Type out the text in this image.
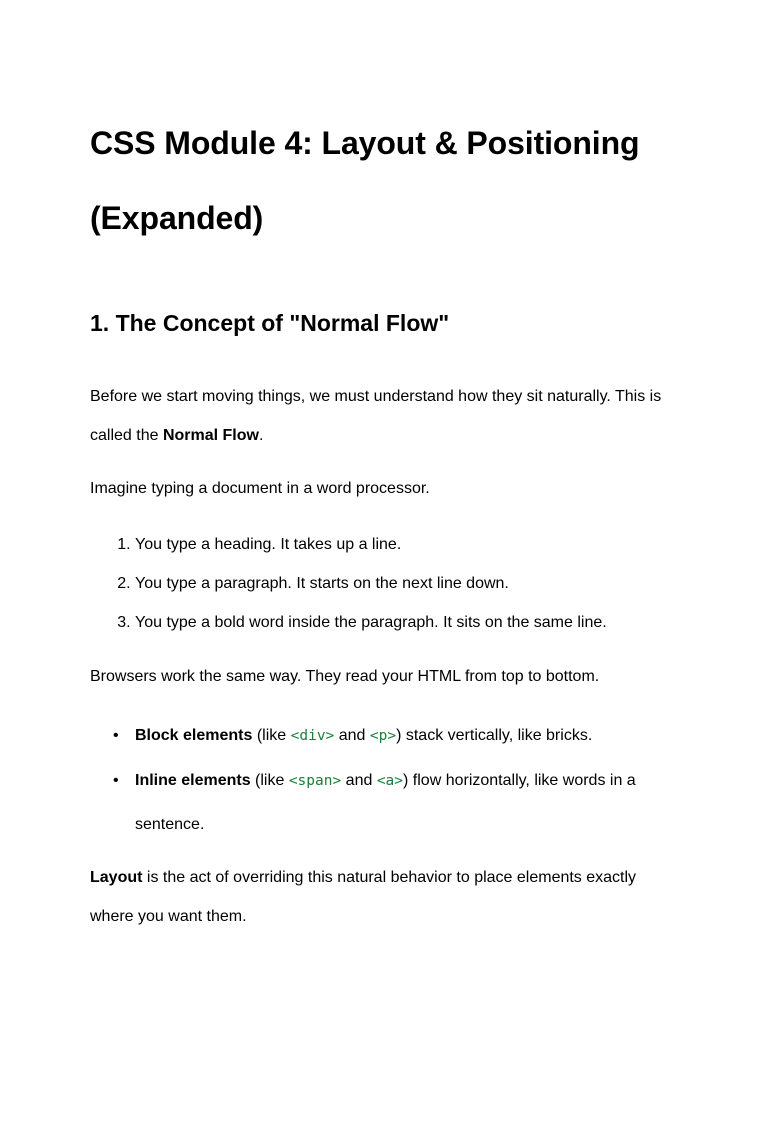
CSS Module 4: Layout & Positioning (Expanded)
1. The Concept of "Normal Flow"

Before we start moving things, we must understand how they sit naturally. This is called the Normal Flow.

Imagine typing a document in a word processor.

1. You type a heading. It takes up a line.
2. You type a paragraph. It starts on the next line down.
3. You type a bold word inside the paragraph. It sits on the same line.

Browsers work the same way. They read your HTML from top to bottom.

• Block elements (like <div> and <p>) stack vertically, like bricks.
• Inline elements (like <span> and <a>) flow horizontally, like words in a sentence.

Layout is the act of overriding this natural behavior to place elements exactly where you want them.
